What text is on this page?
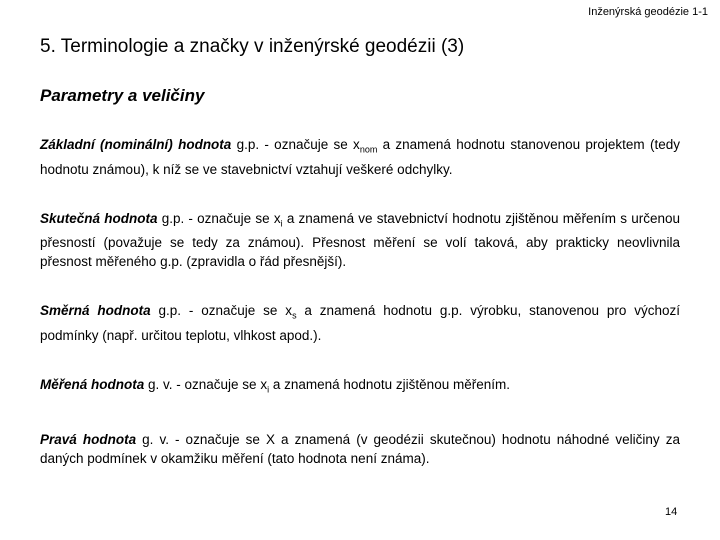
Inženýrská geodézie 1-1
5. Terminologie a značky v inženýrské geodézii (3)
Parametry a veličiny

Základní (nominální) hodnota g.p. - označuje se $x_{nom}$ a znamená hodnotu stanovenou projektem (tedy hodnotu známou), k níž se ve stavebnictví vztahují veškeré odchylky.

Skutečná hodnota g.p. - označuje se $x_i$ a znamená ve stavebnictví hodnotu zjištěnou měřením s určenou přesností (považuje se tedy za známou). Přesnost měření se volí taková, aby prakticky neovlivnila přesnost měřeného g.p. (zpravidla o řád přesnější).

Směrná hodnota g.p. - označuje se $x_s$ a znamená hodnotu g.p. výrobku, stanovenou pro výchozí podmínky (např. určitou teplotu, vlhkost apod.).

Měřená hodnota g. v. - označuje se $x_i$ a znamená hodnotu zjištěnou měřením.

Pravá hodnota g. v. - označuje se X a znamená (v geodézii skutečnou) hodnotu náhodné veličiny za daných podmínek v okamžiku měření (tato hodnota není známa).

14
